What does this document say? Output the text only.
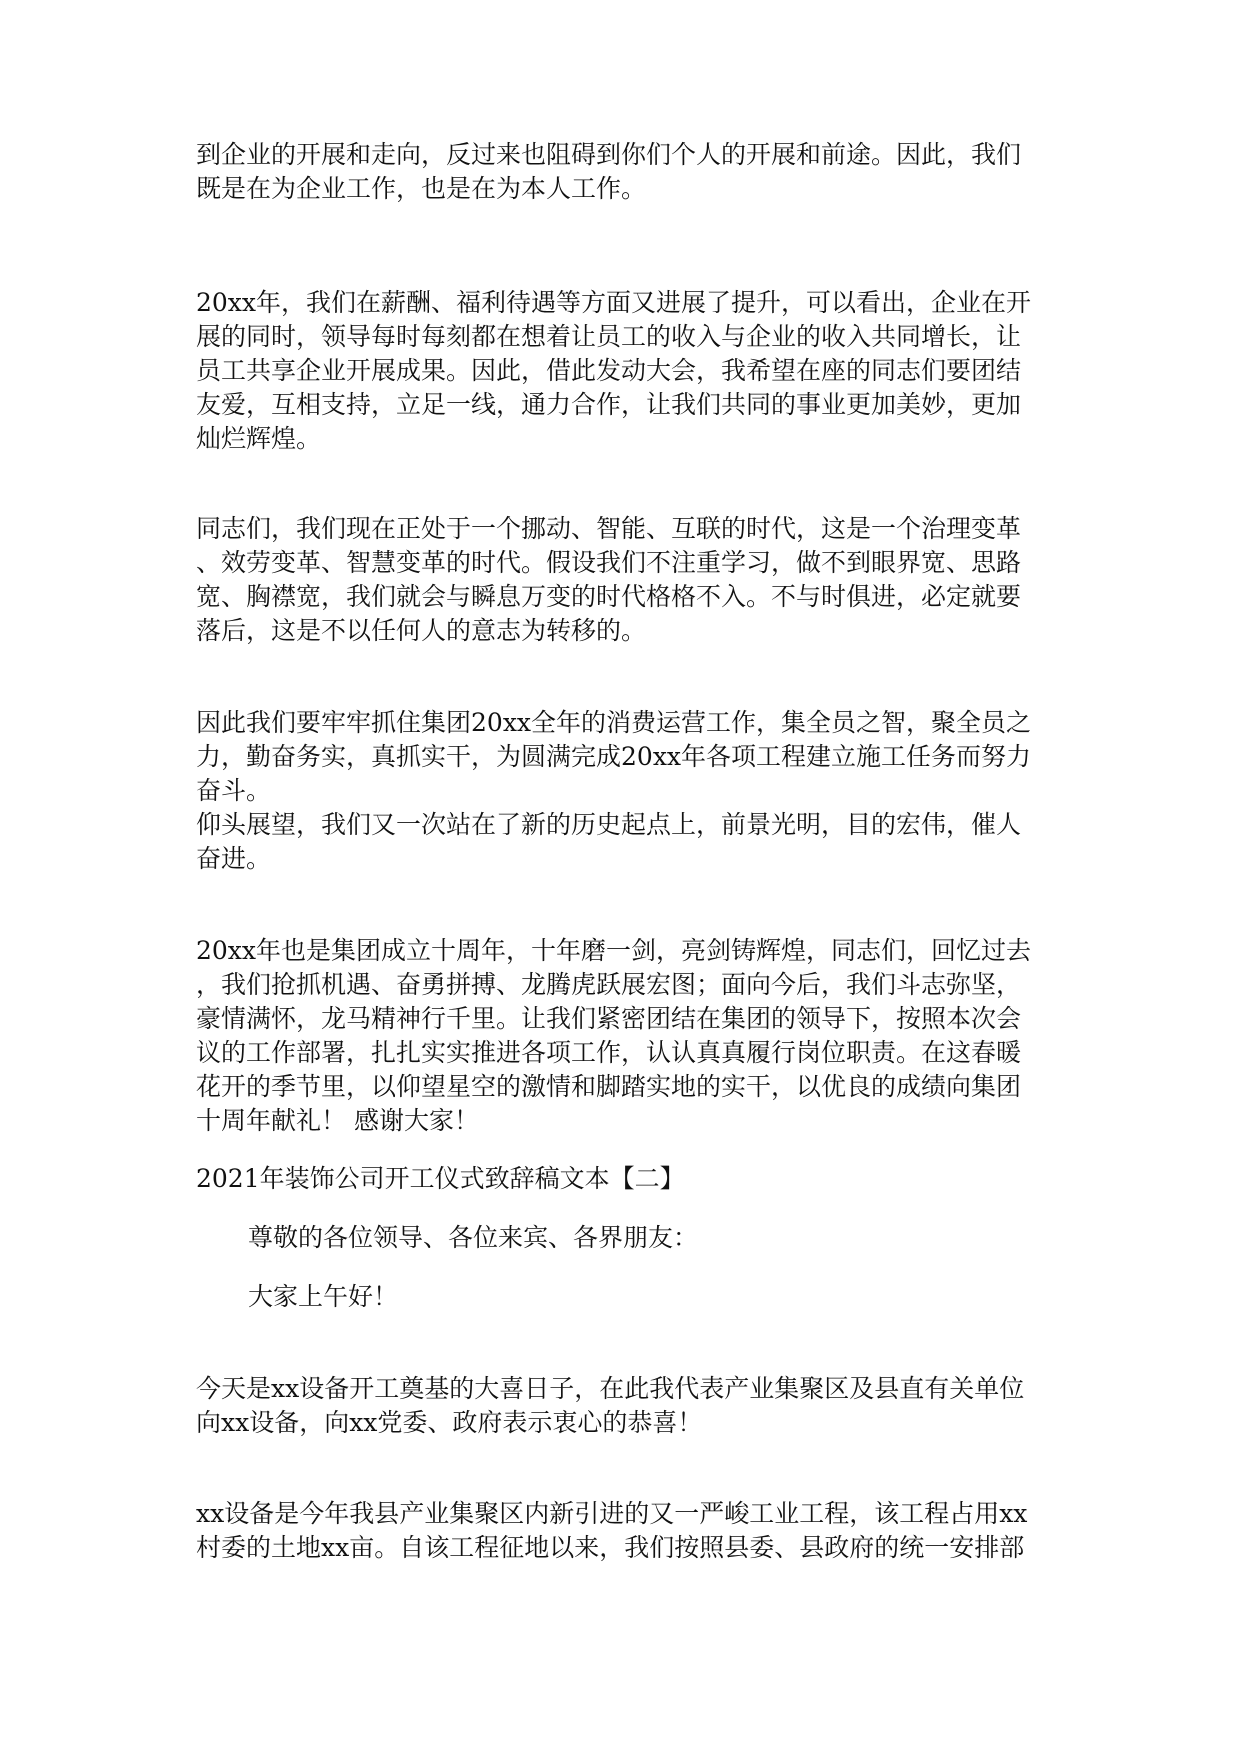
到企业的开展和走向，反过来也阻碍到你们个人的开展和前途。因此，我们
既是在为企业工作，也是在为本人工作。
20xx年，我们在薪酬、福利待遇等方面又进展了提升，可以看出，企业在开
展的同时，领导每时每刻都在想着让员工的收入与企业的收入共同增长，让
员工共享企业开展成果。因此，借此发动大会，我希望在座的同志们要团结
友爱，互相支持，立足一线，通力合作，让我们共同的事业更加美妙，更加
灿烂辉煌。
同志们，我们现在正处于一个挪动、智能、互联的时代，这是一个治理变革
、效劳变革、智慧变革的时代。假设我们不注重学习，做不到眼界宽、思路
宽、胸襟宽，我们就会与瞬息万变的时代格格不入。不与时俱进，必定就要
落后，这是不以任何人的意志为转移的。
因此我们要牢牢抓住集团20xx全年的消费运营工作，集全员之智，聚全员之
力，勤奋务实，真抓实干，为圆满完成20xx年各项工程建立施工任务而努力
奋斗。
仰头展望，我们又一次站在了新的历史起点上，前景光明，目的宏伟，催人
奋进。
20xx年也是集团成立十周年，十年磨一剑，亮剑铸辉煌，同志们，回忆过去
，我们抢抓机遇、奋勇拼搏、龙腾虎跃展宏图；面向今后，我们斗志弥坚，
豪情满怀，龙马精神行千里。让我们紧密团结在集团的领导下，按照本次会
议的工作部署，扎扎实实推进各项工作，认认真真履行岗位职责。在这春暖
花开的季节里，以仰望星空的激情和脚踏实地的实干，以优良的成绩向集团
十周年献礼！ 感谢大家！
2021年装饰公司开工仪式致辞稿文本【二】
尊敬的各位领导、各位来宾、各界朋友：
大家上午好！
今天是xx设备开工奠基的大喜日子，在此我代表产业集聚区及县直有关单位
向xx设备，向xx党委、政府表示衷心的恭喜！
xx设备是今年我县产业集聚区内新引进的又一严峻工业工程，该工程占用xx
村委的土地xx亩。自该工程征地以来，我们按照县委、县政府的统一安排部
